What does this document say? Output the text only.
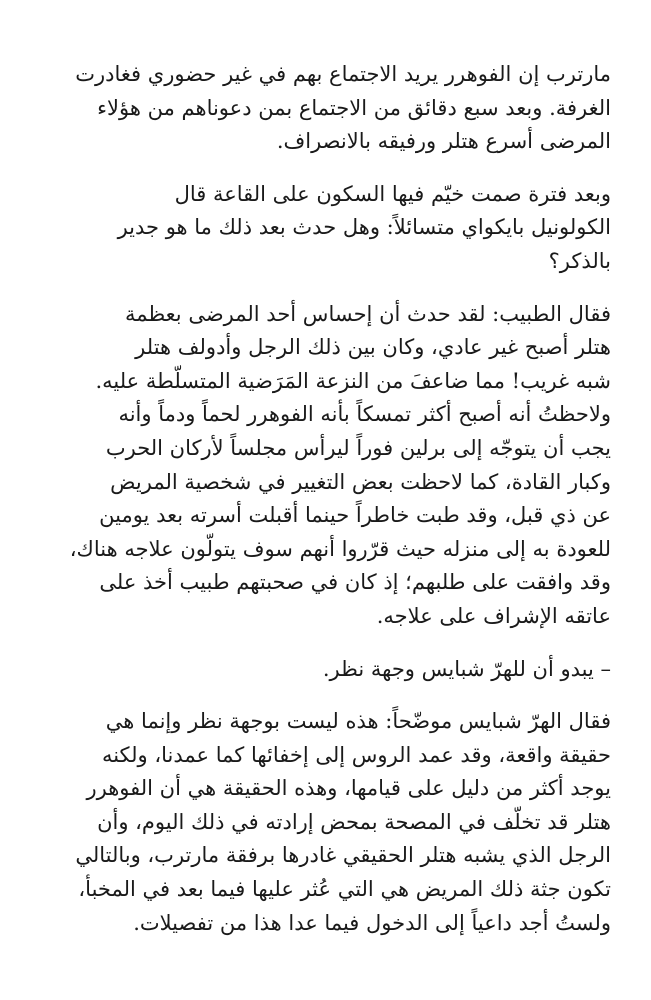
مارترب إن الفوهرر يريد الاجتماع بهم في غير حضوري فغادرت
الغرفة. وبعد سبع دقائق من الاجتماع بمن دعوناهم من هؤلاء
المرضى أسرع هتلر ورفيقه بالانصراف.

وبعد فترة صمت خيّم فيها السكون على القاعة قال
الكولونيل بايكواي متسائلاً: وهل حدث بعد ذلك ما هو جدير
بالذكر؟

فقال الطبيب: لقد حدث أن إحساس أحد المرضى بعظمة
هتلر أصبح غير عادي، وكان بين ذلك الرجل وأدولف هتلر
شبه غريب! مما ضاعفَ من النزعة المَرَضية المتسلّطة عليه.
ولاحظتُ أنه أصبح أكثر تمسكاً بأنه الفوهرر لحماً ودماً وأنه
يجب أن يتوجّه إلى برلين فوراً ليرأس مجلساً لأركان الحرب
وكبار القادة، كما لاحظت بعض التغيير في شخصية المريض
عن ذي قبل، وقد طبت خاطراً حينما أقبلت أسرته بعد يومين
للعودة به إلى منزله حيث قرّروا أنهم سوف يتولّون علاجه هناك،
وقد وافقت على طلبهم؛ إذ كان في صحبتهم طبيب أخذ على
عاتقه الإشراف على علاجه.

– يبدو أن للهرّ شبايس وجهة نظر.

فقال الهرّ شبايس موضّحاً: هذه ليست بوجهة نظر وإنما هي
حقيقة واقعة، وقد عمد الروس إلى إخفائها كما عمدنا، ولكنه
يوجد أكثر من دليل على قيامها، وهذه الحقيقة هي أن الفوهرر
هتلر قد تخلّف في المصحة بمحض إرادته في ذلك اليوم، وأن
الرجل الذي يشبه هتلر الحقيقي غادرها برفقة مارترب، وبالتالي
تكون جثة ذلك المريض هي التي عُثر عليها فيما بعد في المخبأ،
ولستُ أجد داعياً إلى الدخول فيما عدا هذا من تفصيلات.
